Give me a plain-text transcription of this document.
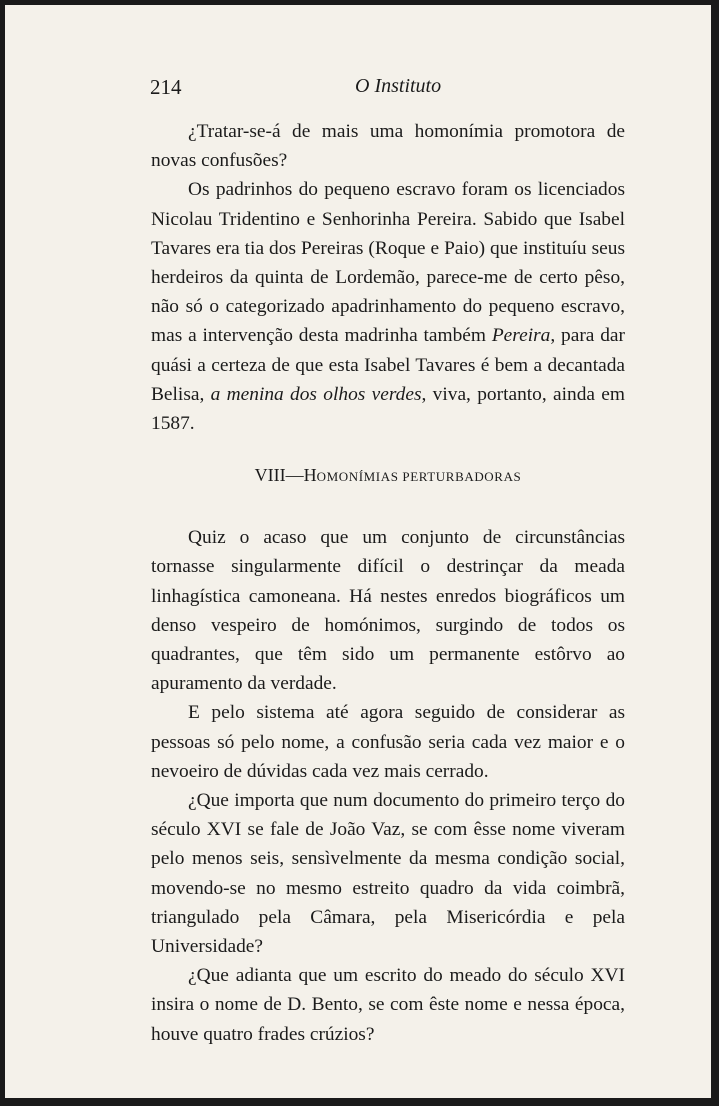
214	O Instituto

¿Tratar-se-á de mais uma homonímia promotora de novas confusões?

Os padrinhos do pequeno escravo foram os licenciados Nicolau Tridentino e Senhorinha Pereira. Sabido que Isabel Tavares era tia dos Pereiras (Roque e Paio) que instituíu seus herdeiros da quinta de Lordemão, parece-me de certo pêso, não só o categorizado apadrinhamento do pequeno escravo, mas a intervenção desta madrinha também Pereira, para dar quási a certeza de que esta Isabel Tavares é bem a decantada Belisa, a menina dos olhos verdes, viva, portanto, ainda em 1587.

VIII—HOMONÍMIAS PERTURBADORAS

Quiz o acaso que um conjunto de circunstâncias tornasse singularmente difícil o destrinçar da meada linhagística camoneana. Há nestes enredos biográficos um denso vespeiro de homónimos, surgindo de todos os quadrantes, que têm sido um permanente estôrvo ao apuramento da verdade.

E pelo sistema até agora seguido de considerar as pessoas só pelo nome, a confusão seria cada vez maior e o nevoeiro de dúvidas cada vez mais cerrado.

¿Que importa que num documento do primeiro terço do século XVI se fale de João Vaz, se com êsse nome viveram pelo menos seis, sensìvelmente da mesma condição social, movendo-se no mesmo estreito quadro da vida coimbrã, triangulado pela Câmara, pela Misericórdia e pela Universidade?

¿Que adianta que um escrito do meado do século XVI insira o nome de D. Bento, se com êste nome e nessa época, houve quatro frades crúzios?
